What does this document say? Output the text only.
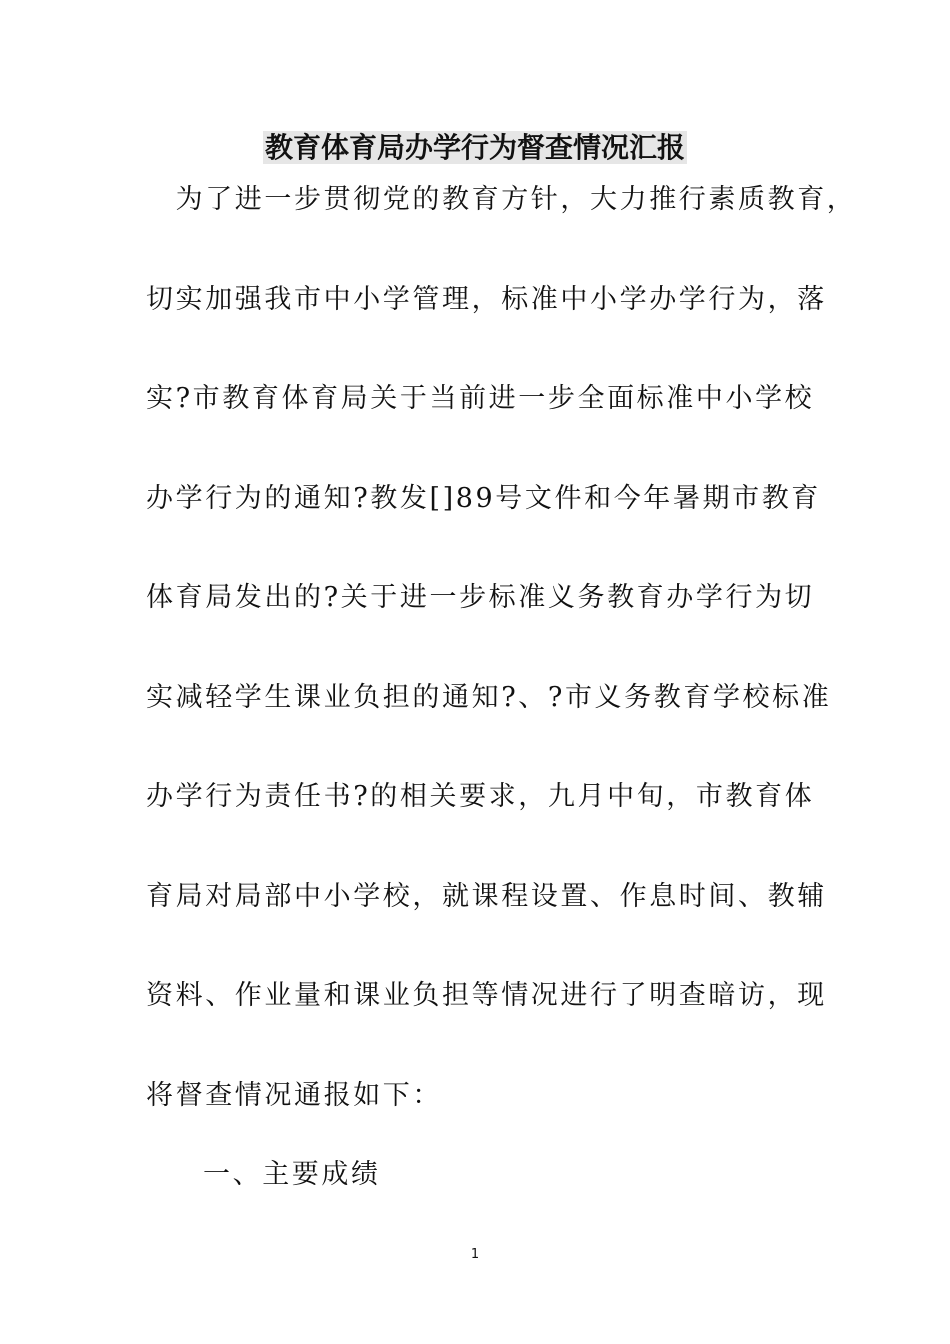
教育体育局办学行为督查情况汇报
　为了进一步贯彻党的教育方针，大力推行素质教育，
切实加强我市中小学管理，标准中小学办学行为，落
实?市教育体育局关于当前进一步全面标准中小学校
办学行为的通知?教发[]89号文件和今年暑期市教育
体育局发出的?关于进一步标准义务教育办学行为切
实减轻学生课业负担的通知?、?市义务教育学校标准
办学行为责任书?的相关要求，九月中旬，市教育体
育局对局部中小学校，就课程设置、作息时间、教辅
资料、作业量和课业负担等情况进行了明查暗访，现
将督查情况通报如下：
一、主要成绩
1
